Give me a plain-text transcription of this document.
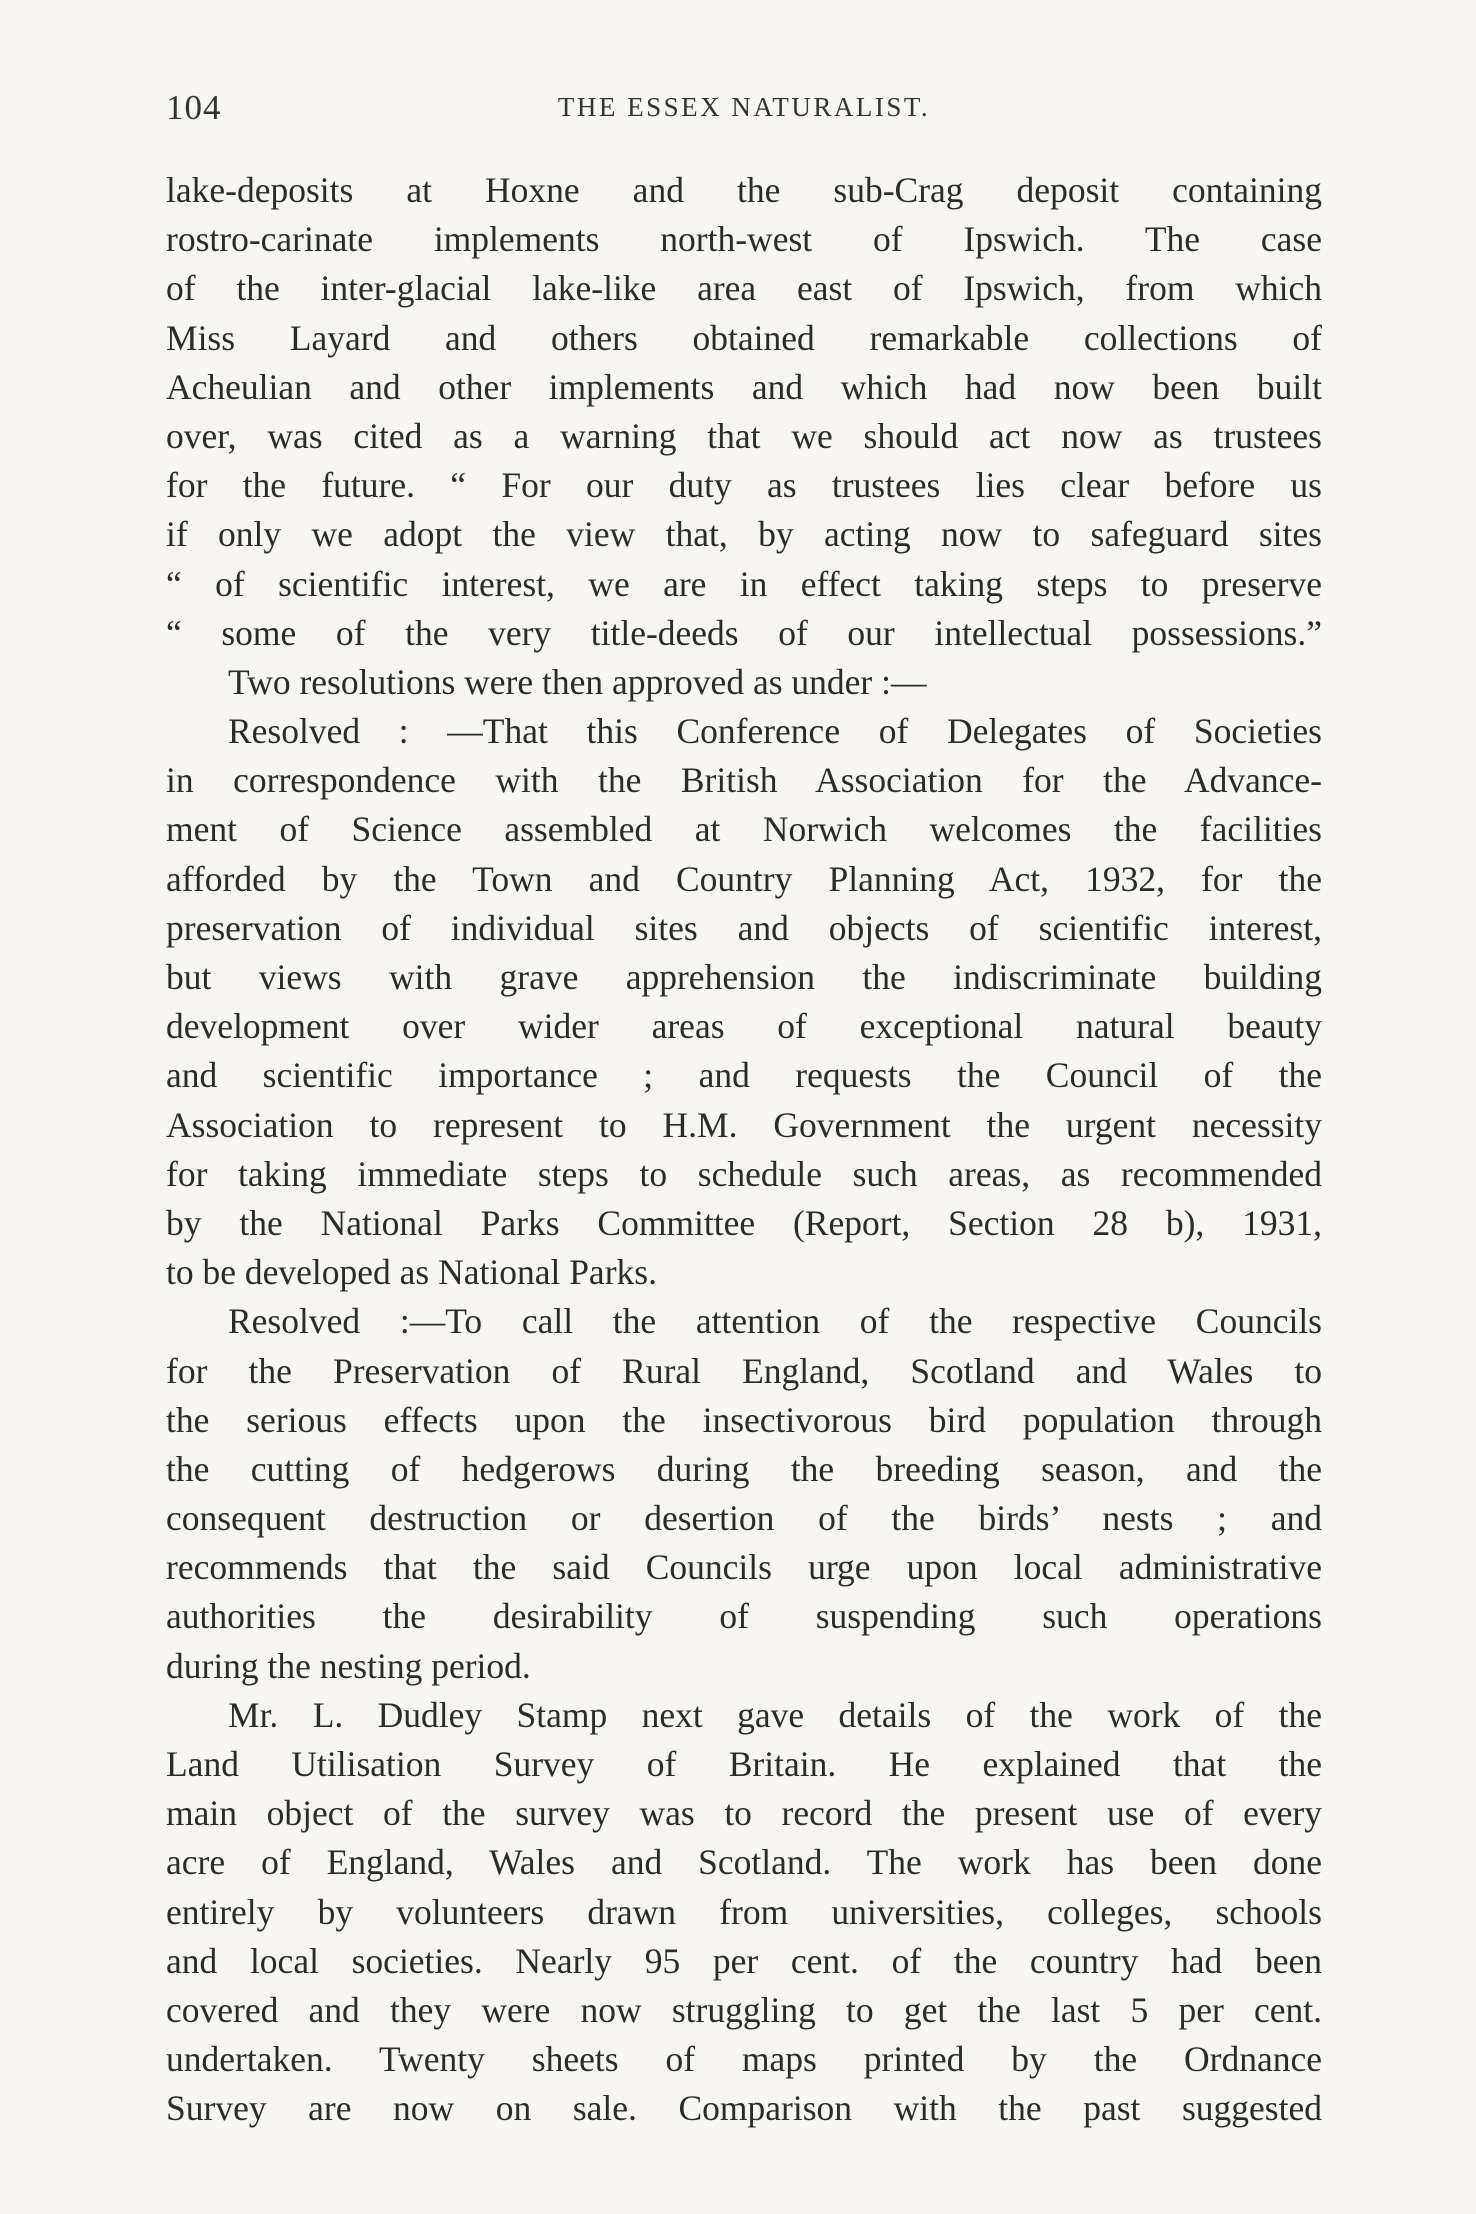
104	THE ESSEX NATURALIST.
lake-deposits at Hoxne and the sub-Crag deposit containing
rostro-carinate implements north-west of Ipswich. The case
of the inter-glacial lake-like area east of Ipswich, from which
Miss Layard and others obtained remarkable collections of
Acheulian and other implements and which had now been built
over, was cited as a warning that we should act now as trustees
for the future. “ For our duty as trustees lies clear before us
if only we adopt the view that, by acting now to safeguard sites
“ of scientific interest, we are in effect taking steps to preserve
“ some of the very title-deeds of our intellectual possessions.”
Two resolutions were then approved as under :—
Resolved : —That this Conference of Delegates of Societies
in correspondence with the British Association for the Advance-
ment of Science assembled at Norwich welcomes the facilities
afforded by the Town and Country Planning Act, 1932, for the
preservation of individual sites and objects of scientific interest,
but views with grave apprehension the indiscriminate building
development over wider areas of exceptional natural beauty
and scientific importance ; and requests the Council of the
Association to represent to H.M. Government the urgent necessity
for taking immediate steps to schedule such areas, as recommended
by the National Parks Committee (Report, Section 28 b), 1931,
to be developed as National Parks.
Resolved :—To call the attention of the respective Councils
for the Preservation of Rural England, Scotland and Wales to
the serious effects upon the insectivorous bird population through
the cutting of hedgerows during the breeding season, and the
consequent destruction or desertion of the birds’ nests ; and
recommends that the said Councils urge upon local administrative
authorities the desirability of suspending such operations
during the nesting period.
Mr. L. Dudley Stamp next gave details of the work of the
Land Utilisation Survey of Britain. He explained that the
main object of the survey was to record the present use of every
acre of England, Wales and Scotland. The work has been done
entirely by volunteers drawn from universities, colleges, schools
and local societies. Nearly 95 per cent. of the country had been
covered and they were now struggling to get the last 5 per cent.
undertaken. Twenty sheets of maps printed by the Ordnance
Survey are now on sale. Comparison with the past suggested
